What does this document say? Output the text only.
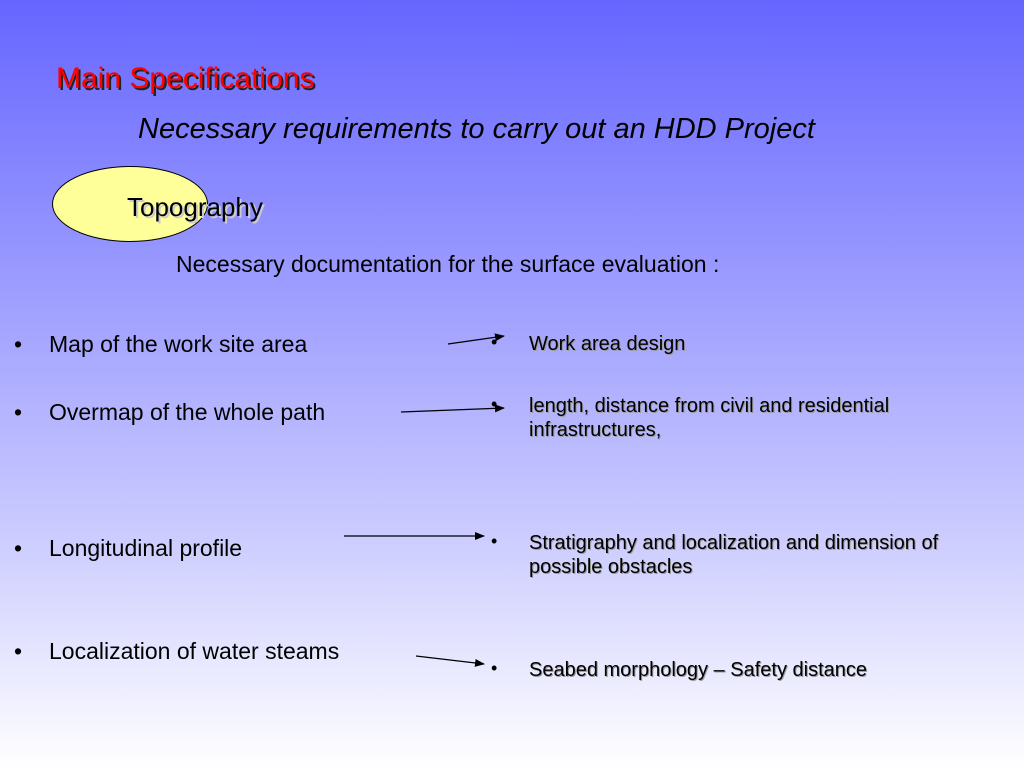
Main Specifications
Necessary requirements to carry out an HDD Project
Topography
Necessary documentation for the surface evaluation :
• Map of the work site area
• Overmap of the whole path
• Longitudinal profile
• Localization of water steams
• Work area design
• length, distance from civil and residential infrastructures,
• Stratigraphy and localization and dimension of possible obstacles
• Seabed morphology – Safety distance
